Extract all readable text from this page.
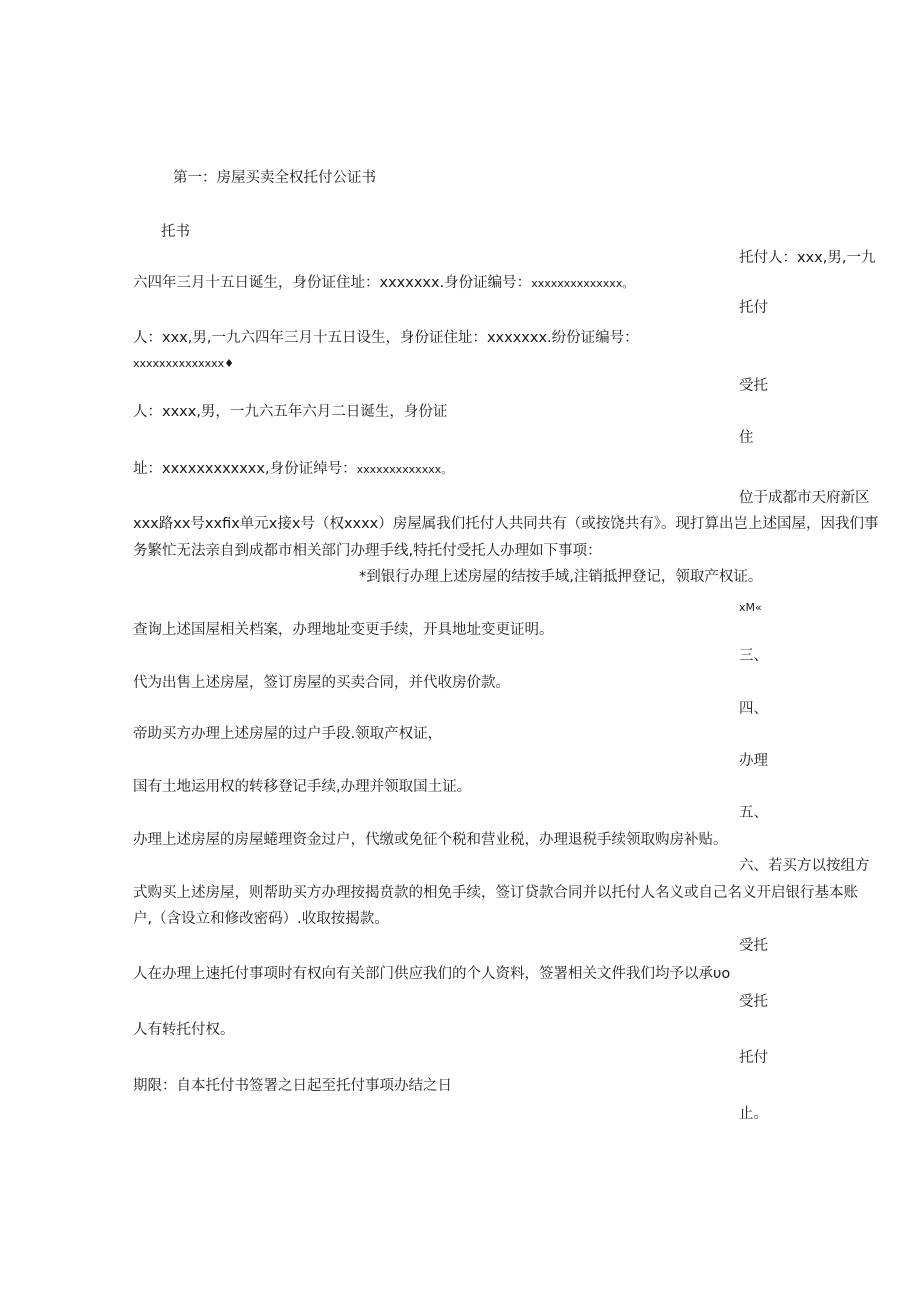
第一：房屋买卖全权托付公证书
托书
托付人：xxx,男,一九
六四年三月十五日诞生，身份证住址：xxxxxxx.身份证编号：xxxxxxxxxxxxxx。
托付
人：xxx,男,一九六四年三月十五日设生，身份证住址：xxxxxxx.纷份证编号：
xxxxxxxxxxxxxx♦
受托
人：xxxx,男，一九六五年六月二日诞生，身份证
住
址：xxxxxxxxxxxx,身份证绰号：xxxxxxxxxxxxx。
位于成都市天府新区
xxx路xx号xxfix单元x接x号（权xxxx）房屋属我们托付人共同共有（或按饶共有》。现打算出岂上述国屋，因我们事
务繁忙无法亲自到成都市相关部门办理手线,特托付受托人办理如下事项：
*到银行办理上述房屋的结按手域,注销抵押登记，领取产权证。
xM«
查询上述国屋相关档案，办理地址变更手续，开具地址变更证明。
三、
代为出售上述房屋，签订房屋的买卖合同，并代收房价款。
四、
帝助买方办理上述房屋的过户手段.领取产权证，
办理
国有土地运用权的转移登记手续,办理并领取国土证。
五、
办理上述房屋的房屋蜷理资金过户，代缴或免征个税和营业税，办理退税手续领取购房补贴。
六、若买方以按组方
式购买上述房屋，则帮助买方办理按揭贲款的相免手续，签订贷款合同并以托付人名义或自己名义开启银行基本账
户,（含设立和修改密码）.收取按揭款。
受托
人在办理上速托付事项时有权向有关部门供应我们的个人资料，签署相关文件我们均予以承υo
受托
人有转托付权。
托付
期限：自本托付书签署之日起至托付事项办结之日
止。
